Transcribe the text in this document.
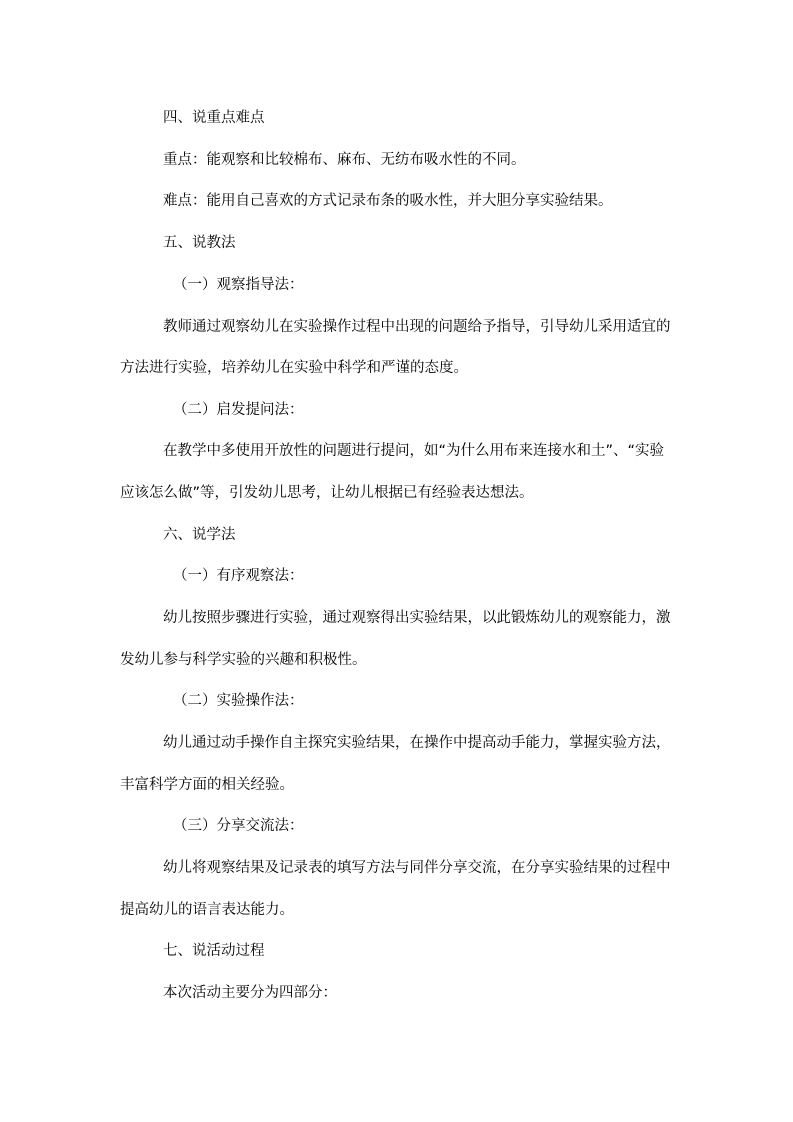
四、说重点难点

重点：能观察和比较棉布、麻布、无纺布吸水性的不同。

难点：能用自己喜欢的方式记录布条的吸水性，并大胆分享实验结果。

五、说教法

（一）观察指导法：

教师通过观察幼儿在实验操作过程中出现的问题给予指导，引导幼儿采用适宜的

方法进行实验，培养幼儿在实验中科学和严谨的态度。

（二）启发提问法：

在教学中多使用开放性的问题进行提问，如“为什么用布来连接水和土”、“实验

应该怎么做”等，引发幼儿思考，让幼儿根据已有经验表达想法。

六、说学法

（一）有序观察法：

幼儿按照步骤进行实验，通过观察得出实验结果，以此锻炼幼儿的观察能力，激

发幼儿参与科学实验的兴趣和积极性。

（二）实验操作法：

幼儿通过动手操作自主探究实验结果，在操作中提高动手能力，掌握实验方法，

丰富科学方面的相关经验。

（三）分享交流法：

幼儿将观察结果及记录表的填写方法与同伴分享交流，在分享实验结果的过程中

提高幼儿的语言表达能力。

七、说活动过程

本次活动主要分为四部分：
